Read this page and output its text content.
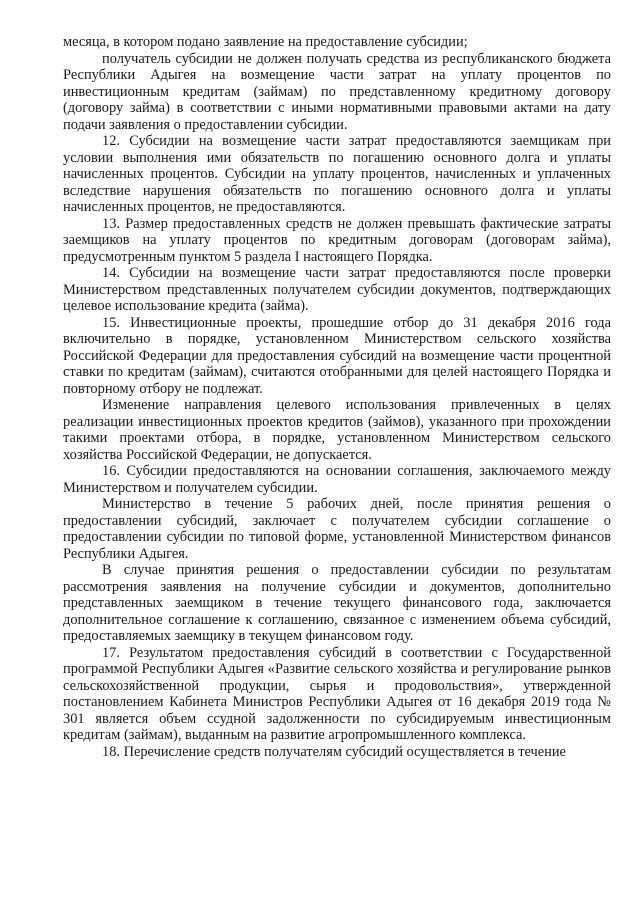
месяца, в котором подано заявление на предоставление субсидии;

получатель субсидии не должен получать средства из республиканского бюджета Республики Адыгея на возмещение части затрат на уплату процентов по инвестиционным кредитам (займам) по представленному кредитному договору (договору займа) в соответствии с иными нормативными правовыми актами на дату подачи заявления о предоставлении субсидии.

12. Субсидии на возмещение части затрат предоставляются заемщикам при условии выполнения ими обязательств по погашению основного долга и уплаты начисленных процентов. Субсидии на уплату процентов, начисленных и уплаченных вследствие нарушения обязательств по погашению основного долга и уплаты начисленных процентов, не предоставляются.

13. Размер предоставленных средств не должен превышать фактические затраты заемщиков на уплату процентов по кредитным договорам (договорам займа), предусмотренным пунктом 5 раздела I настоящего Порядка.

14. Субсидии на возмещение части затрат предоставляются после проверки Министерством представленных получателем субсидии документов, подтверждающих целевое использование кредита (займа).

15. Инвестиционные проекты, прошедшие отбор до 31 декабря 2016 года включительно в порядке, установленном Министерством сельского хозяйства Российской Федерации для предоставления субсидий на возмещение части процентной ставки по кредитам (займам), считаются отобранными для целей настоящего Порядка и повторному отбору не подлежат.

Изменение направления целевого использования привлеченных в целях реализации инвестиционных проектов кредитов (займов), указанного при прохождении такими проектами отбора, в порядке, установленном Министерством сельского хозяйства Российской Федерации, не допускается.

16. Субсидии предоставляются на основании соглашения, заключаемого между Министерством и получателем субсидии.

Министерство в течение 5 рабочих дней, после принятия решения о предоставлении субсидий, заключает с получателем субсидии соглашение о предоставлении субсидии по типовой форме, установленной Министерством финансов Республики Адыгея.

В случае принятия решения о предоставлении субсидии по результатам рассмотрения заявления на получение субсидии и документов, дополнительно представленных заемщиком в течение текущего финансового года, заключается дополнительное соглашение к соглашению, связанное с изменением объема субсидий, предоставляемых заемщику в текущем финансовом году.

17. Результатом предоставления субсидий в соответствии с Государственной программой Республики Адыгея «Развитие сельского хозяйства и регулирование рынков сельскохозяйственной продукции, сырья и продовольствия», утвержденной постановлением Кабинета Министров Республики Адыгея от 16 декабря 2019 года № 301 является объем ссудной задолженности по субсидируемым инвестиционным кредитам (займам), выданным на развитие агропромышленного комплекса.

18. Перечисление средств получателям субсидий осуществляется в течение
